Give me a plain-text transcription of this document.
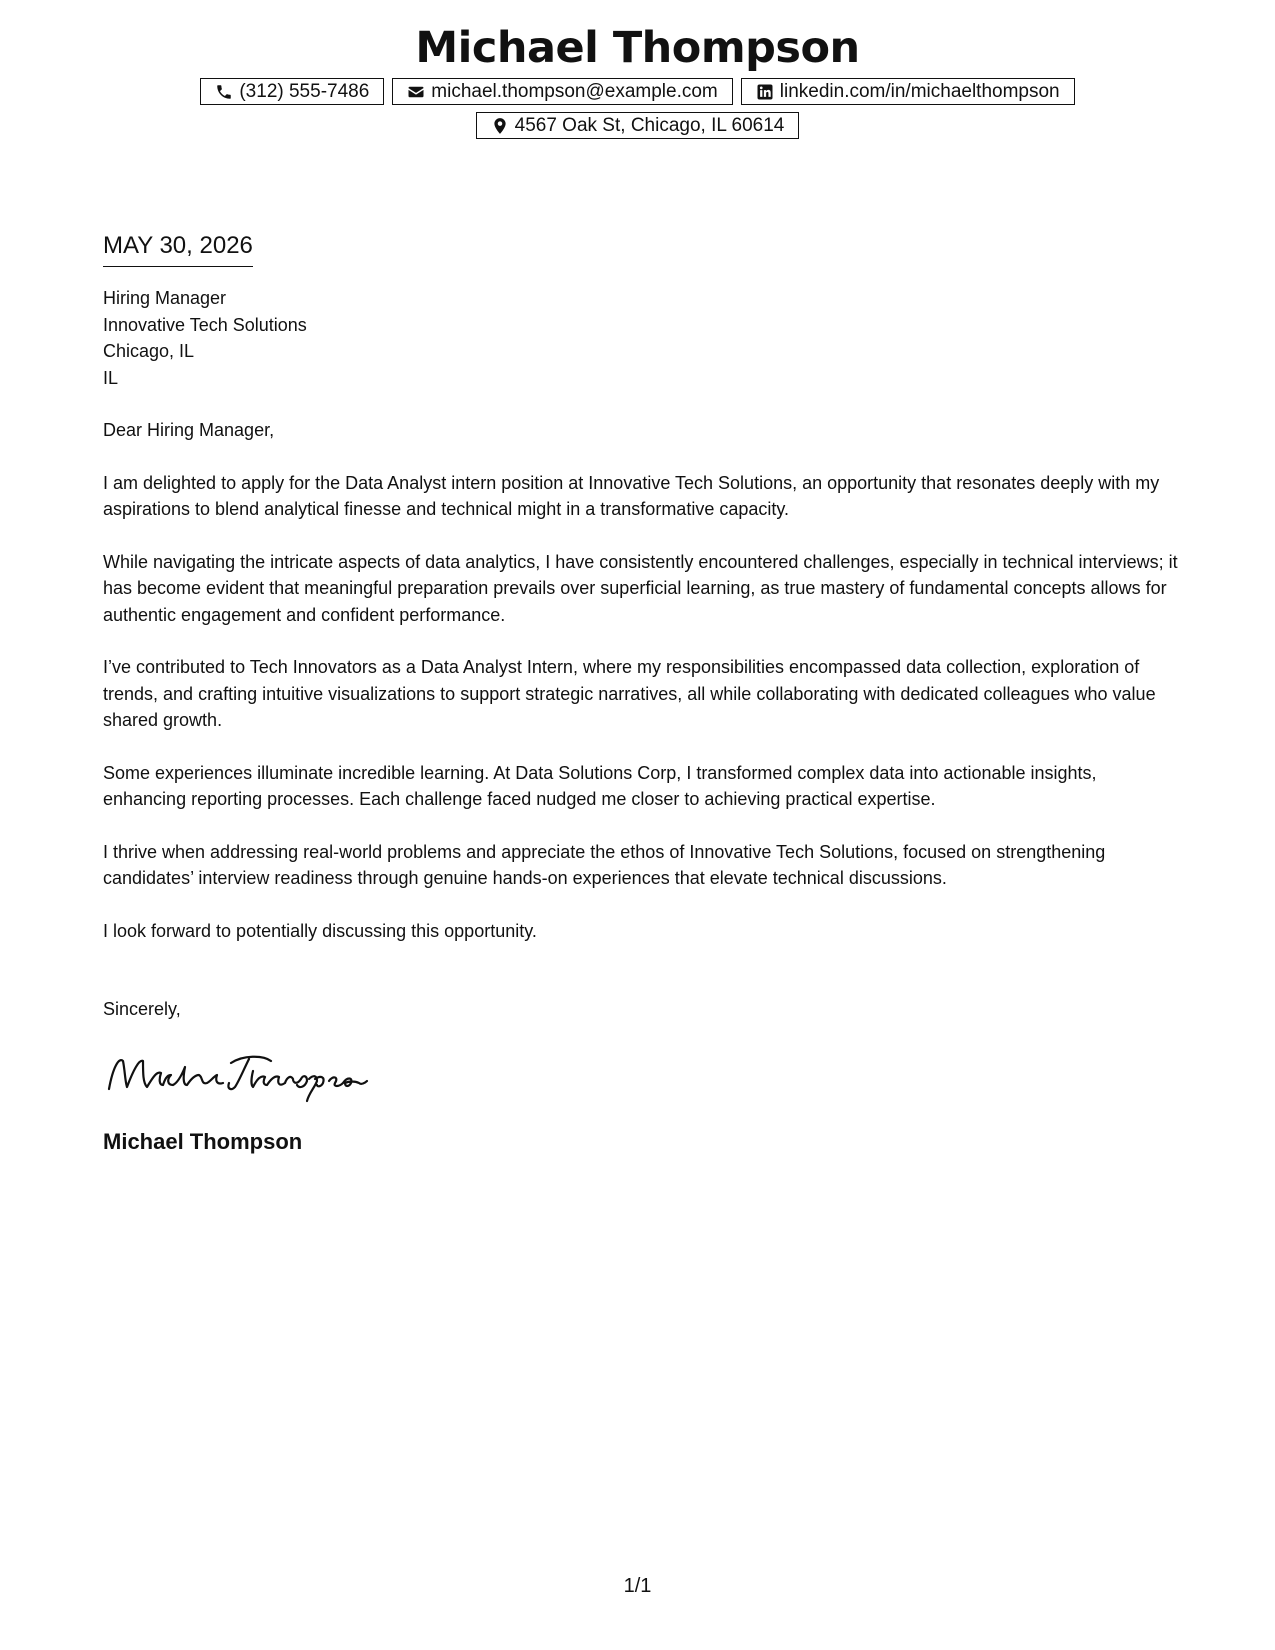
Michael Thompson
(312) 555-7486	michael.thompson@example.com	linkedin.com/in/michaelthompson
4567 Oak St, Chicago, IL 60614
MAY 30, 2026
Hiring Manager
Innovative Tech Solutions
Chicago, IL
IL
Dear Hiring Manager,
I am delighted to apply for the Data Analyst intern position at Innovative Tech Solutions, an opportunity that resonates deeply with my aspirations to blend analytical finesse and technical might in a transformative capacity.
While navigating the intricate aspects of data analytics, I have consistently encountered challenges, especially in technical interviews; it has become evident that meaningful preparation prevails over superficial learning, as true mastery of fundamental concepts allows for authentic engagement and confident performance.
I’ve contributed to Tech Innovators as a Data Analyst Intern, where my responsibilities encompassed data collection, exploration of trends, and crafting intuitive visualizations to support strategic narratives, all while collaborating with dedicated colleagues who value shared growth.
Some experiences illuminate incredible learning. At Data Solutions Corp, I transformed complex data into actionable insights, enhancing reporting processes. Each challenge faced nudged me closer to achieving practical expertise.
I thrive when addressing real-world problems and appreciate the ethos of Innovative Tech Solutions, focused on strengthening candidates’ interview readiness through genuine hands-on experiences that elevate technical discussions.
I look forward to potentially discussing this opportunity.
Sincerely,
Michael Thompson
1/1
